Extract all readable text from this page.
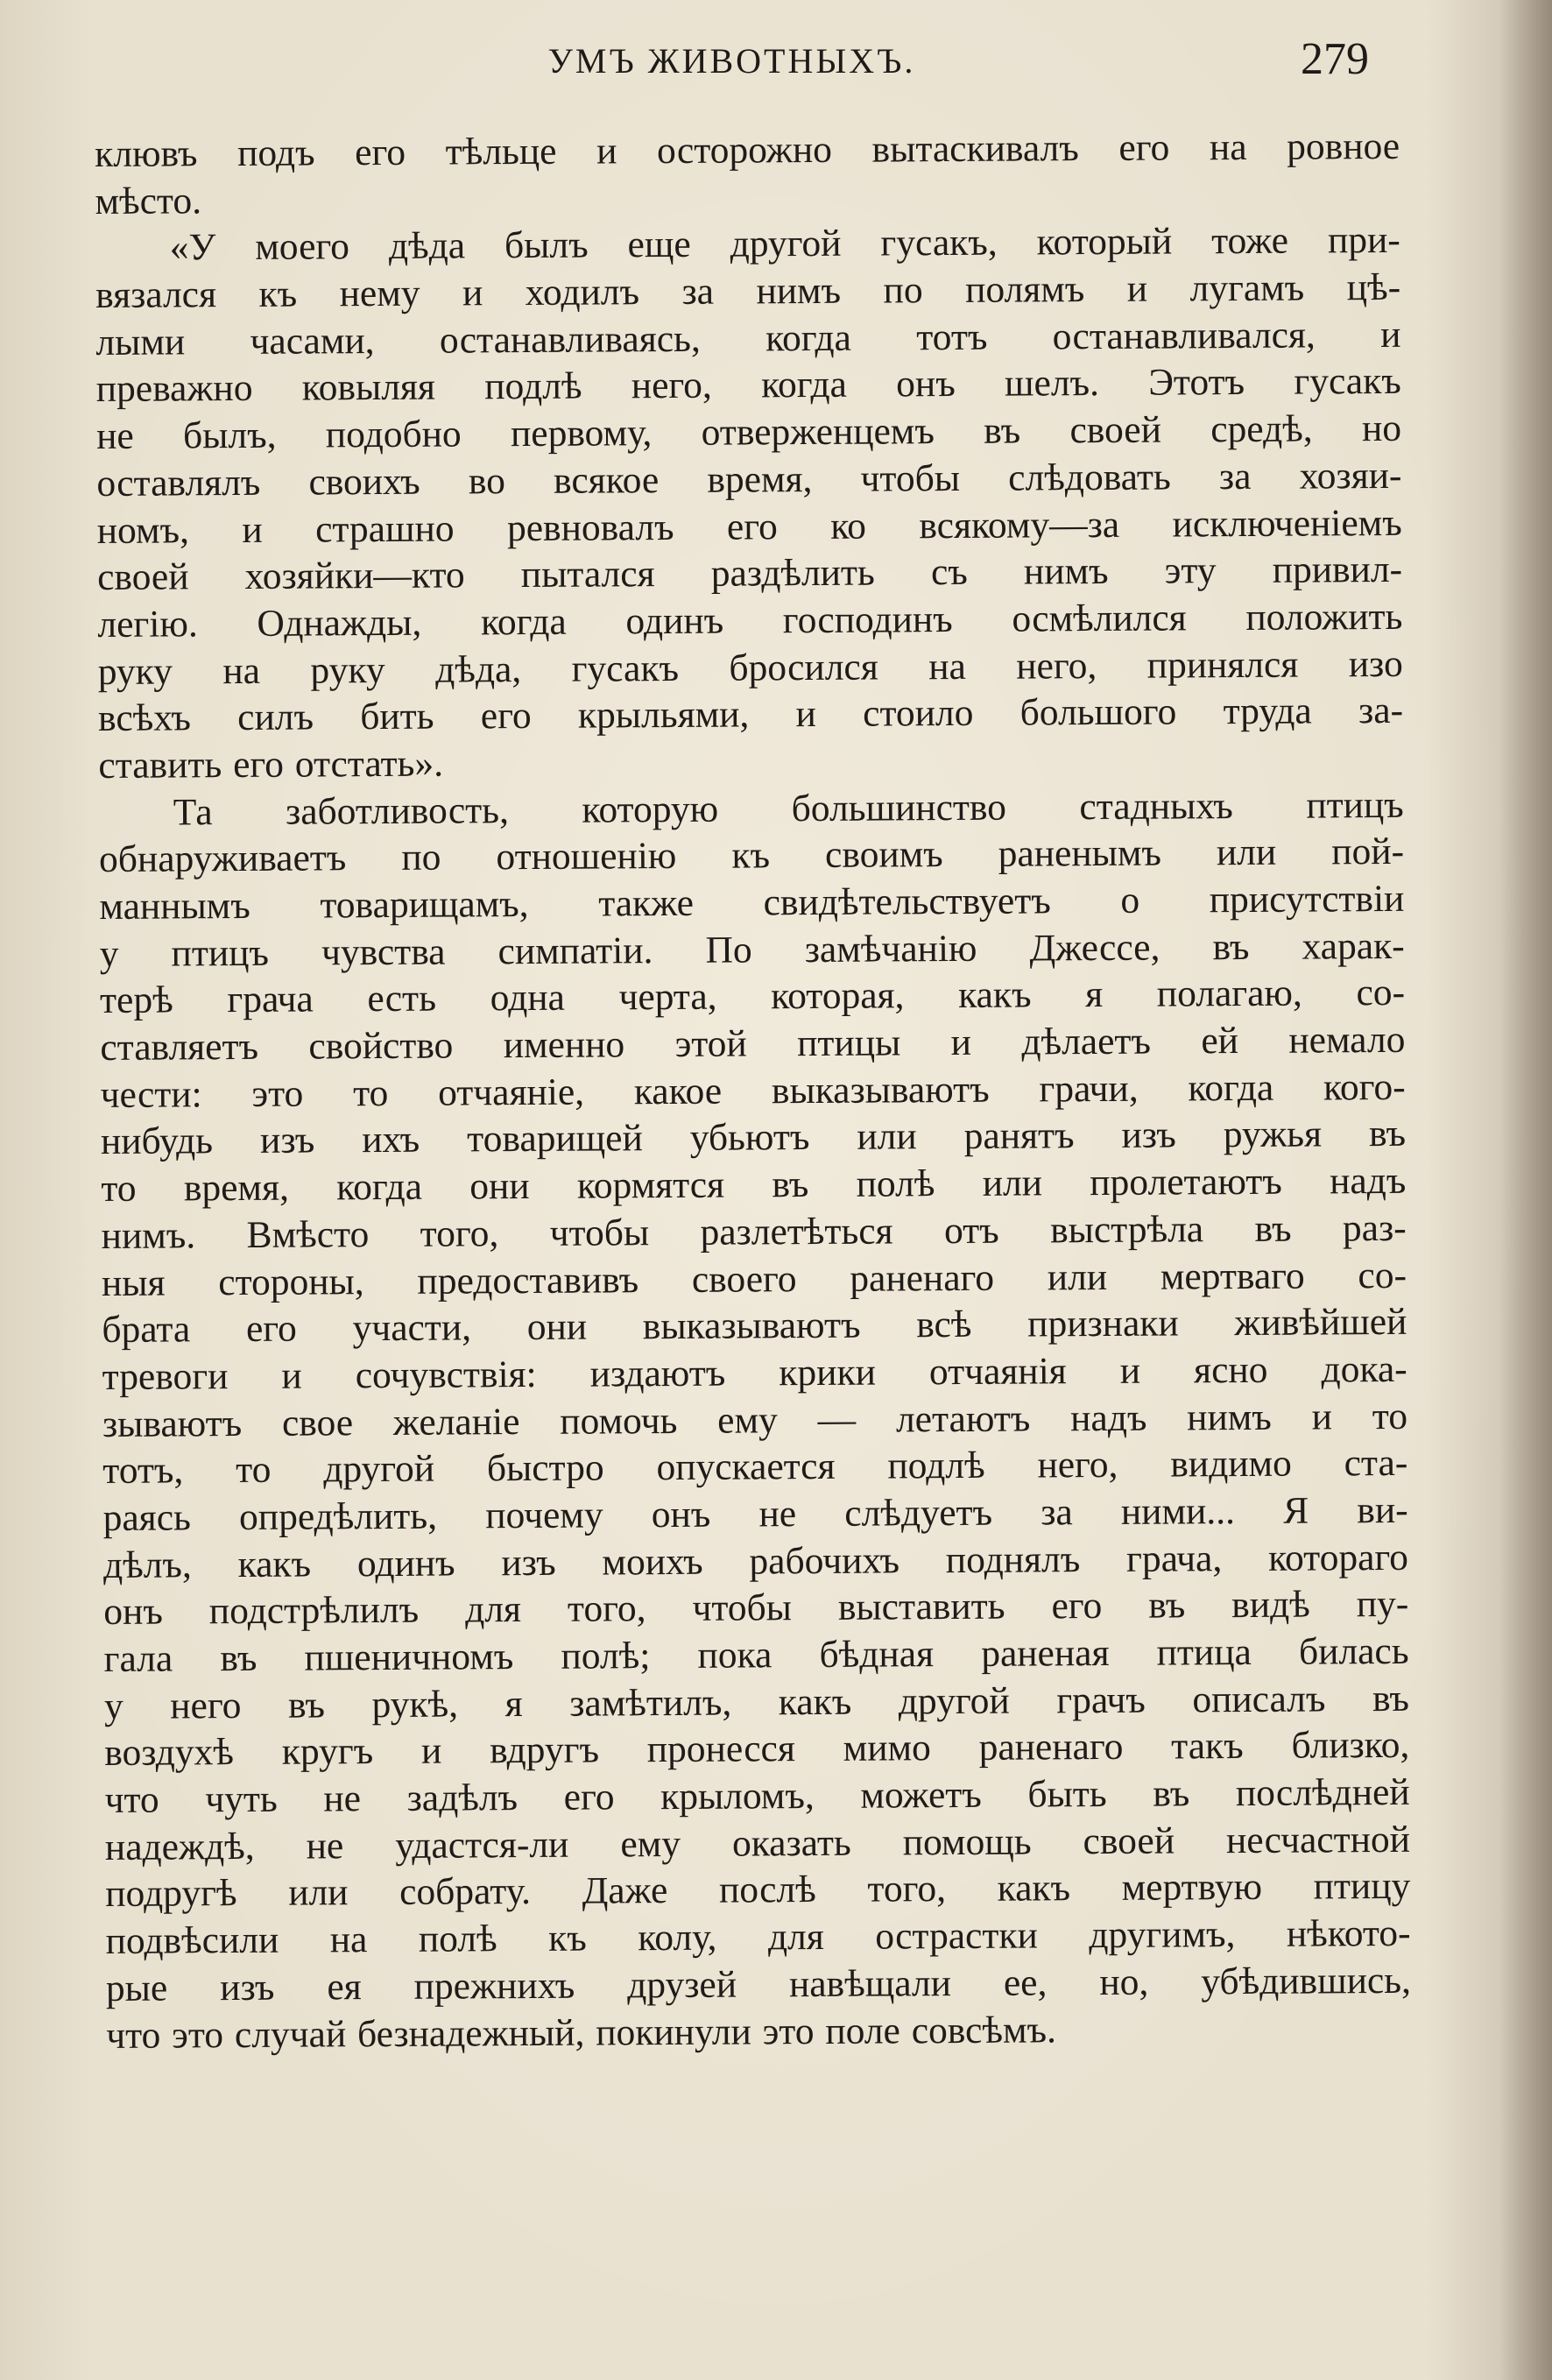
УМЪ ЖИВОТНЫХЪ.	279
клювъ подъ его тѣльце и осторожно вытаскивалъ его на ровное
мѣсто.
«У моего дѣда былъ еще другой гусакъ, который тоже при-
вязался къ нему и ходилъ за нимъ по полямъ и лугамъ цѣ-
лыми часами, останавливаясь, когда тотъ останавливался, и
преважно ковыляя подлѣ него, когда онъ шелъ. Этотъ гусакъ
не былъ, подобно первому, отверженцемъ въ своей средѣ, но
оставлялъ своихъ во всякое время, чтобы слѣдовать за хозяи-
номъ, и страшно ревновалъ его ко всякому—за исключеніемъ
своей хозяйки—кто пытался раздѣлить съ нимъ эту привил-
легію. Однажды, когда одинъ господинъ осмѣлился положить
руку на руку дѣда, гусакъ бросился на него, принялся изо
всѣхъ силъ бить его крыльями, и стоило большого труда за-
ставить его отстать».
Та заботливость, которую большинство стадныхъ птицъ
обнаруживаетъ по отношенію къ своимъ раненымъ или пой-
маннымъ товарищамъ, также свидѣтельствуетъ о присутствіи
у птицъ чувства симпатіи. По замѣчанію Джессе, въ харак-
терѣ грача есть одна черта, которая, какъ я полагаю, со-
ставляетъ свойство именно этой птицы и дѣлаетъ ей немало
чести: это то отчаяніе, какое выказываютъ грачи, когда кого-
нибудь изъ ихъ товарищей убьютъ или ранятъ изъ ружья въ
то время, когда они кормятся въ полѣ или пролетаютъ надъ
нимъ. Вмѣсто того, чтобы разлетѣться отъ выстрѣла въ раз-
ныя стороны, предоставивъ своего раненаго или мертваго со-
брата его участи, они выказываютъ всѣ признаки живѣйшей
тревоги и сочувствія: издаютъ крики отчаянія и ясно дока-
зываютъ свое желаніе помочь ему — летаютъ надъ нимъ и то
тотъ, то другой быстро опускается подлѣ него, видимо ста-
раясь опредѣлить, почему онъ не слѣдуетъ за ними... Я ви-
дѣлъ, какъ одинъ изъ моихъ рабочихъ поднялъ грача, котораго
онъ подстрѣлилъ для того, чтобы выставить его въ видѣ пу-
гала въ пшеничномъ полѣ; пока бѣдная раненая птица билась
у него въ рукѣ, я замѣтилъ, какъ другой грачъ описалъ въ
воздухѣ кругъ и вдругъ пронесся мимо раненаго такъ близко,
что чуть не задѣлъ его крыломъ, можетъ быть въ послѣдней
надеждѣ, не удастся-ли ему оказать помощь своей несчастной
подругѣ или собрату. Даже послѣ того, какъ мертвую птицу
подвѣсили на полѣ къ колу, для острастки другимъ, нѣкото-
рые изъ ея прежнихъ друзей навѣщали ее, но, убѣдившись,
что это случай безнадежный, покинули это поле совсѣмъ.
